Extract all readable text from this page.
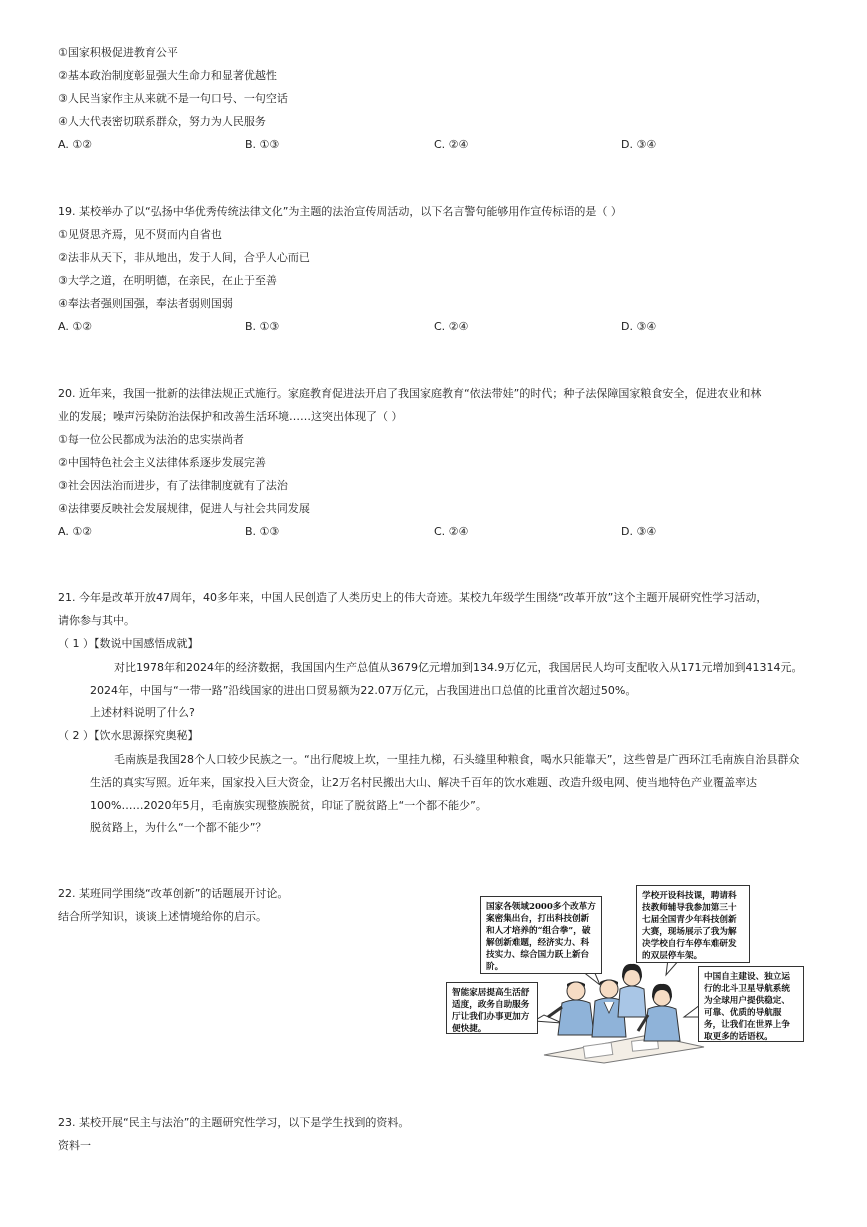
①国家积极促进教育公平
②基本政治制度彰显强大生命力和显著优越性
③人民当家作主从来就不是一句口号、一句空话
④人大代表密切联系群众，努力为人民服务
A. ①②	B. ①③	C. ②④	D. ③④
19. 某校举办了以“弘扬中华优秀传统法律文化”为主题的法治宣传周活动，以下名言警句能够用作宣传标语的是（ ）
①见贤思齐焉，见不贤而内自省也
②法非从天下，非从地出，发于人间，合乎人心而已
③大学之道，在明明德，在亲民，在止于至善
④奉法者强则国强，奉法者弱则国弱
A. ①②	B. ①③	C. ②④	D. ③④
20. 近年来，我国一批新的法律法规正式施行。家庭教育促进法开启了我国家庭教育“依法带娃”的时代；种子法保障国家粮食安全，促进农业和林
业的发展；噪声污染防治法保护和改善生活环境……这突出体现了（ ）
①每一位公民都成为法治的忠实崇尚者
②中国特色社会主义法律体系逐步发展完善
③社会因法治而进步，有了法律制度就有了法治
④法律要反映社会发展规律，促进人与社会共同发展
A. ①②	B. ①③	C. ②④	D. ③④
21. 今年是改革开放47周年，40多年来，中国人民创造了人类历史上的伟大奇迹。某校九年级学生围绕“改革开放”这个主题开展研究性学习活动，
请你参与其中。
（ 1 ）【数说中国感悟成就】
对比1978年和2024年的经济数据，我国国内生产总值从3679亿元增加到134.9万亿元，我国居民人均可支配收入从171元增加到41314元。2024年，中国与“一带一路”沿线国家的进出口贸易额为22.07万亿元，占我国进出口总值的比重首次超过50%。
上述材料说明了什么?
（ 2 ）【饮水思源探究奥秘】
毛南族是我国28个人口较少民族之一。“出行爬坡上坎，一里挂九梯，石头缝里种粮食，喝水只能靠天”，这些曾是广西环江毛南族自治县群众生活的真实写照。近年来，国家投入巨大资金，让2万名村民搬出大山、解决千百年的饮水难题、改造升级电网、使当地特色产业覆盖率达100%……2020年5月，毛南族实现整族脱贫，印证了脱贫路上“一个都不能少”。
脱贫路上，为什么“一个都不能少”？
22. 某班同学围绕“改革创新”的话题展开讨论。
结合所学知识，谈谈上述情境给你的启示。
国家各领域2000多个改革方案密集出台，打出科技创新和人才培养的“组合拳”，破解创新难题，经济实力、科技实力、综合国力跃上新台阶。
学校开设科技课，聘请科技教师辅导我参加第三十七届全国青少年科技创新大赛，现场展示了我为解决学校自行车停车难研发的双层停车架。
智能家居提高生活舒适度，政务自助服务厅让我们办事更加方便快捷。
中国自主建设、独立运行的北斗卫星导航系统为全球用户提供稳定、可靠、优质的导航服务，让我们在世界上争取更多的话语权。
23. 某校开展“民主与法治”的主题研究性学习，以下是学生找到的资料。
资料一
